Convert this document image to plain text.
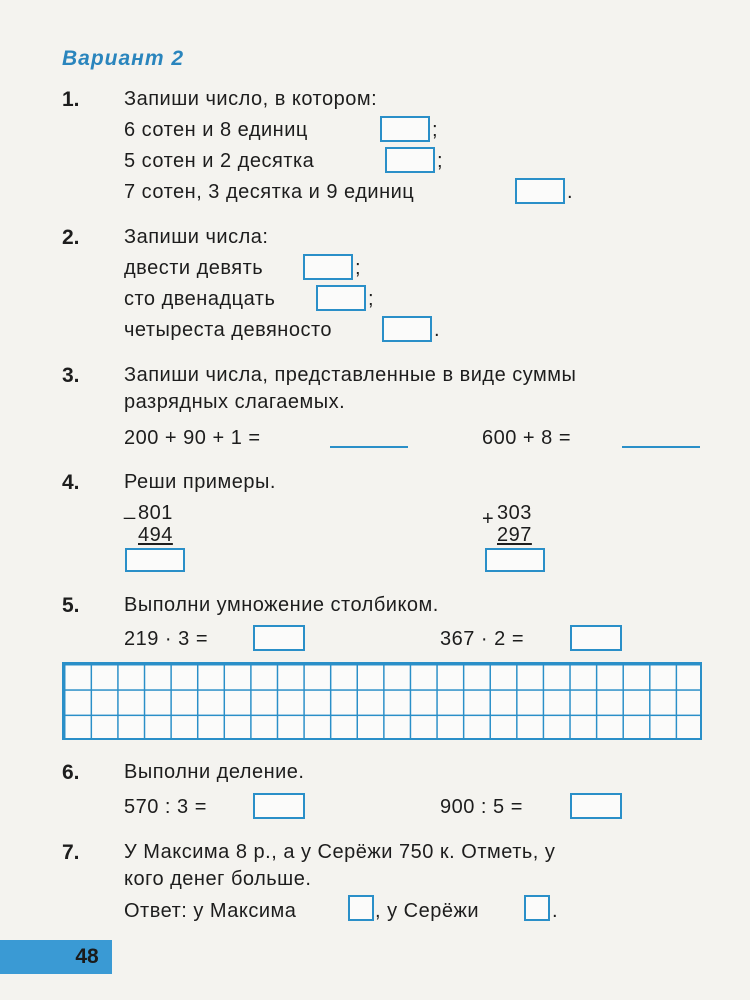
Вариант 2
1. Запиши число, в котором:
6 сотен и 8 единиц	;
5 сотен и 2 десятка	;
7 сотен, 3 десятка и 9 единиц	.
2. Запиши числа:
двести девять	;
сто двенадцать	;
четыреста девяносто	.
3. Запиши числа, представленные в виде суммы
разрядных слагаемых.
200 + 90 + 1 =	600 + 8 =
4. Реши примеры.
_ 801
494
+ 303
297
5. Выполни умножение столбиком.
219 · 3 =	367 · 2 =
6. Выполни деление.
570 : 3 =	900 : 5 =
7. У Максима 8 р., а у Серёжи 750 к. Отметь, у
кого денег больше.
Ответ: у Максима	, у Серёжи	.
48
